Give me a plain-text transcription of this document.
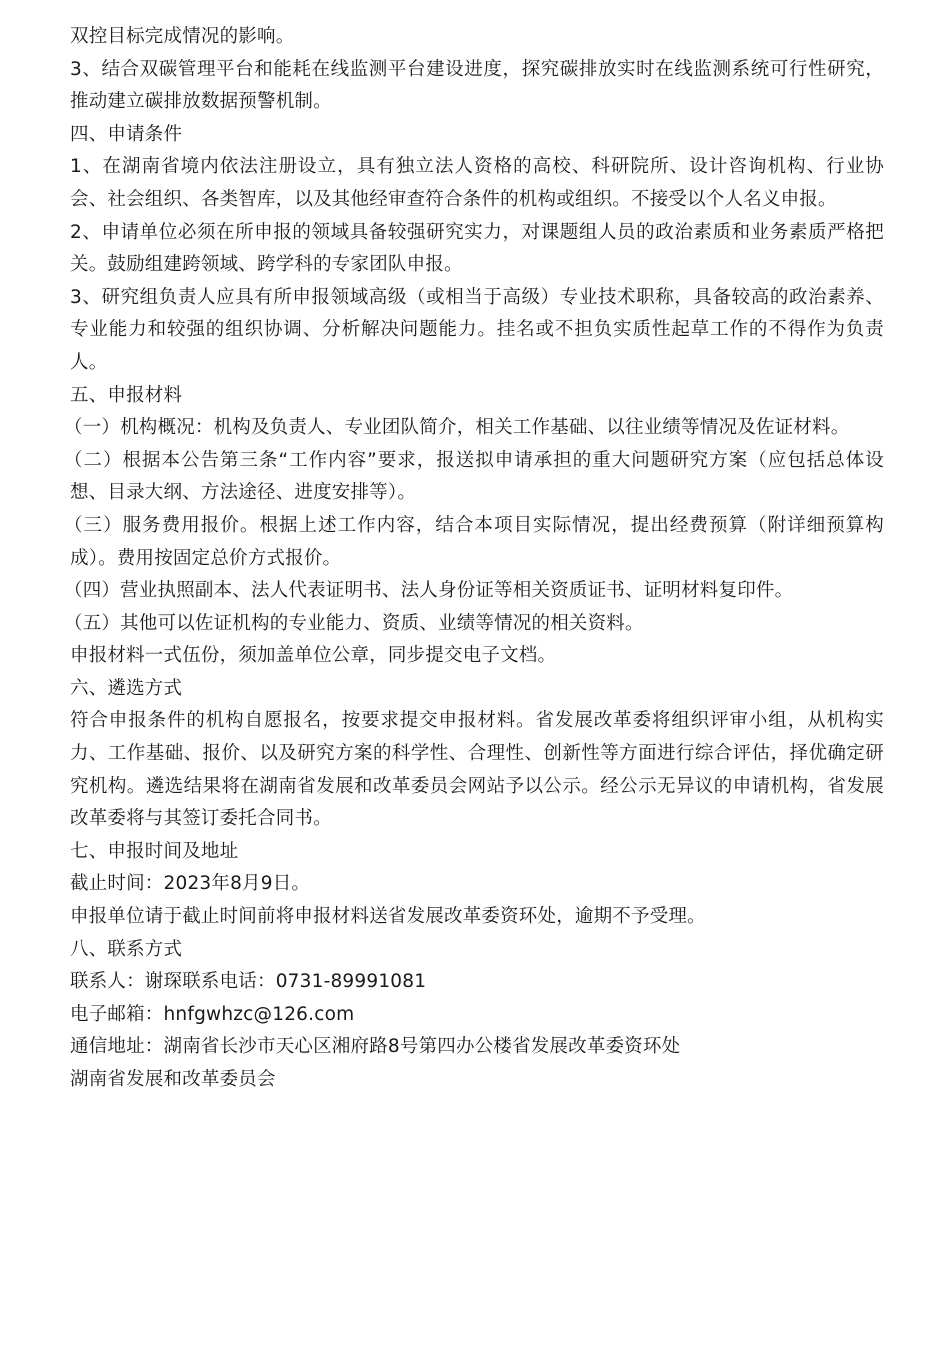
双控目标完成情况的影响。

3、结合双碳管理平台和能耗在线监测平台建设进度，探究碳排放实时在线监测系统可行性研究，推动建立碳排放数据预警机制。

四、申请条件

1、在湖南省境内依法注册设立，具有独立法人资格的高校、科研院所、设计咨询机构、行业协会、社会组织、各类智库，以及其他经审查符合条件的机构或组织。不接受以个人名义申报。

2、申请单位必须在所申报的领域具备较强研究实力，对课题组人员的政治素质和业务素质严格把关。鼓励组建跨领域、跨学科的专家团队申报。

3、研究组负责人应具有所申报领域高级（或相当于高级）专业技术职称，具备较高的政治素养、专业能力和较强的组织协调、分析解决问题能力。挂名或不担负实质性起草工作的不得作为负责人。

五、申报材料

（一）机构概况：机构及负责人、专业团队简介，相关工作基础、以往业绩等情况及佐证材料。

（二）根据本公告第三条“工作内容”要求，报送拟申请承担的重大问题研究方案（应包括总体设想、目录大纲、方法途径、进度安排等）。

（三）服务费用报价。根据上述工作内容，结合本项目实际情况，提出经费预算（附详细预算构成）。费用按固定总价方式报价。

（四）营业执照副本、法人代表证明书、法人身份证等相关资质证书、证明材料复印件。

（五）其他可以佐证机构的专业能力、资质、业绩等情况的相关资料。

申报材料一式伍份，须加盖单位公章，同步提交电子文档。

六、遴选方式

符合申报条件的机构自愿报名，按要求提交申报材料。省发展改革委将组织评审小组，从机构实力、工作基础、报价、以及研究方案的科学性、合理性、创新性等方面进行综合评估，择优确定研究机构。遴选结果将在湖南省发展和改革委员会网站予以公示。经公示无异议的申请机构，省发展改革委将与其签订委托合同书。

七、申报时间及地址

截止时间：2023年8月9日。

申报单位请于截止时间前将申报材料送省发展改革委资环处，逾期不予受理。

八、联系方式

联系人：谢琛联系电话：0731-89991081

电子邮箱：hnfgwhzc@126.com

通信地址：湖南省长沙市天心区湘府路8号第四办公楼省发展改革委资环处

湖南省发展和改革委员会
